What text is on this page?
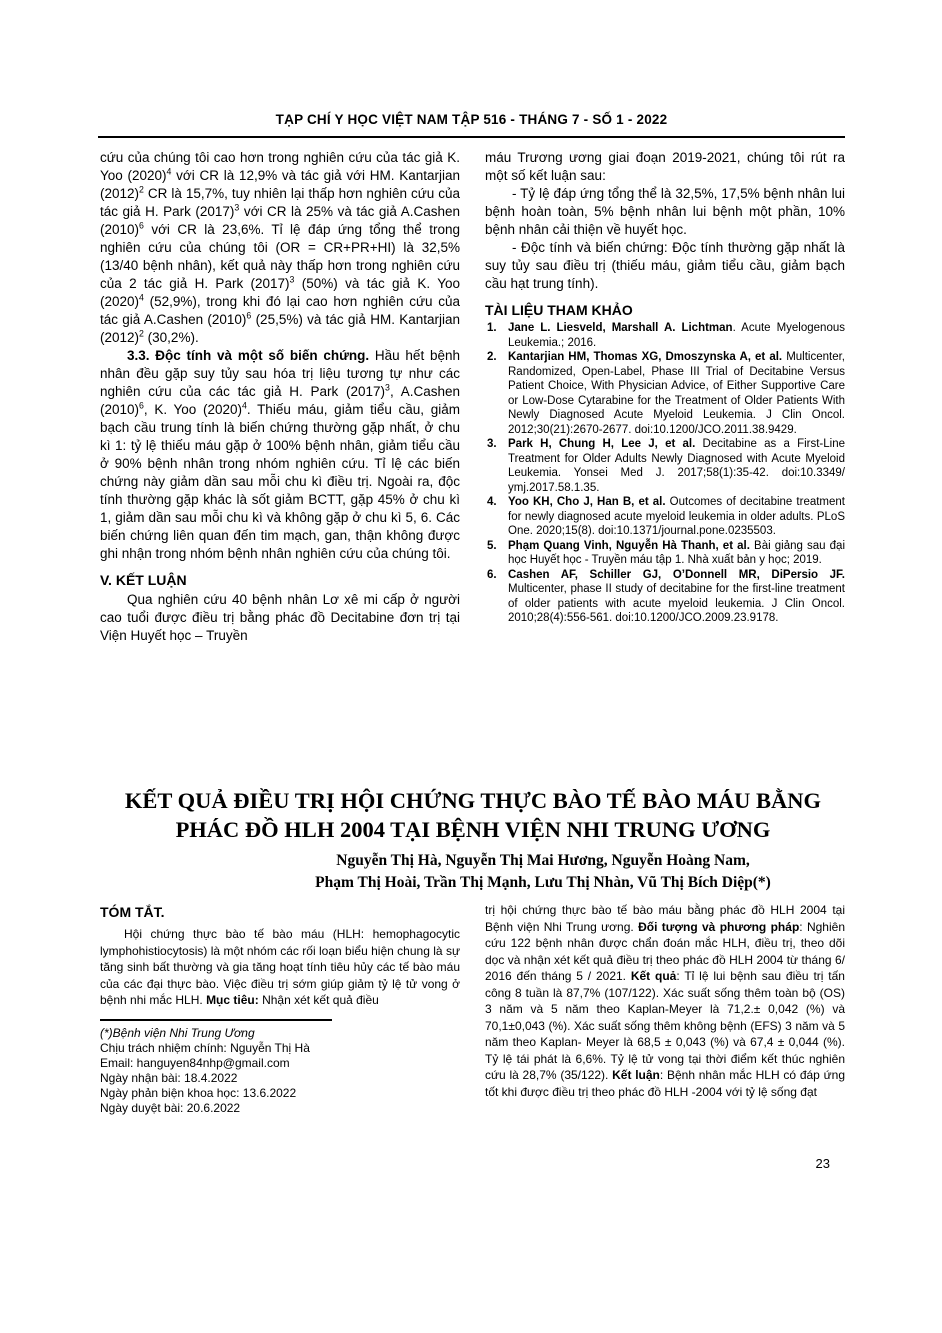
TẠP CHÍ Y HỌC VIỆT NAM TẬP 516 - THÁNG 7 - SỐ 1 - 2022

cứu của chúng tôi cao hơn trong nghiên cứu của tác giả K. Yoo $(2020)^4$ với CR là 12,9% và tác giả với HM. Kantarjian $(2012)^2$ CR là 15,7%, tuy nhiên lại thấp hơn nghiên cứu của tác giả H. Park $(2017)^3$ với CR là 25% và tác giả A.Cashen $(2010)^6$ với CR là 23,6%. Tỉ lệ đáp ứng tổng thể trong nghiên cứu của chúng tôi (OR = CR+PR+HI) là 32,5% (13/40 bệnh nhân), kết quả này thấp hơn trong nghiên cứu của 2 tác giả H. Park $(2017)^3$ (50%) và tác giả K. Yoo $(2020)^4$ (52,9%), trong khi đó lại cao hơn nghiên cứu của tác giả A.Cashen $(2010)^6$ (25,5%) và tác giả HM. Kantarjian $(2012)^2$ (30,2%).

3.3. Độc tính và một số biến chứng. Hầu hết bệnh nhân đều gặp suy tủy sau hóa trị liệu tương tự như các nghiên cứu của các tác giả H. Park $(2017)^3$, A.Cashen $(2010)^6$, K. Yoo $(2020)^4$. Thiếu máu, giảm tiểu cầu, giảm bạch cầu trung tính là biến chứng thường gặp nhất, ở chu kì 1: tỷ lệ thiếu máu gặp ở 100% bệnh nhân, giảm tiểu cầu ở 90% bệnh nhân trong nhóm nghiên cứu. Tỉ lệ các biến chứng này giảm dần sau mỗi chu kì điều trị. Ngoài ra, độc tính thường gặp khác là sốt giảm BCTT, gặp 45% ở chu kì 1, giảm dần sau mỗi chu kì và không gặp ở chu kì 5, 6. Các biến chứng liên quan đến tim mạch, gan, thận không được ghi nhận trong nhóm bệnh nhân nghiên cứu của chúng tôi.

V. KẾT LUẬN

Qua nghiên cứu 40 bệnh nhân Lơ xê mi cấp ở người cao tuổi được điều trị bằng phác đồ Decitabine đơn trị tại Viện Huyết học – Truyền

máu Trương ương giai đoạn 2019-2021, chúng tôi rút ra một số kết luận sau:

- Tỷ lệ đáp ứng tổng thể là 32,5%, 17,5% bệnh nhân lui bệnh hoàn toàn, 5% bệnh nhân lui bệnh một phần, 10% bệnh nhân cải thiện về huyết học.

- Độc tính và biến chứng: Độc tính thường gặp nhất là suy tủy sau điều trị (thiếu máu, giảm tiểu cầu, giảm bạch cầu hạt trung tính).

TÀI LIỆU THAM KHẢO
1. Jane L. Liesveld, Marshall A. Lichtman. Acute Myelogenous Leukemia.; 2016.
2. Kantarjian HM, Thomas XG, Dmoszynska A, et al. Multicenter, Randomized, Open-Label, Phase III Trial of Decitabine Versus Patient Choice, With Physician Advice, of Either Supportive Care or Low-Dose Cytarabine for the Treatment of Older Patients With Newly Diagnosed Acute Myeloid Leukemia. J Clin Oncol. 2012;30(21):2670-2677. doi:10.1200/JCO.2011.38.9429.
3. Park H, Chung H, Lee J, et al. Decitabine as a First-Line Treatment for Older Adults Newly Diagnosed with Acute Myeloid Leukemia. Yonsei Med J. 2017;58(1):35-42. doi:10.3349/ ymj.2017.58.1.35.
4. Yoo KH, Cho J, Han B, et al. Outcomes of decitabine treatment for newly diagnosed acute myeloid leukemia in older adults. PLoS One. 2020;15(8). doi:10.1371/journal.pone.0235503.
5. Phạm Quang Vinh, Nguyễn Hà Thanh, et al. Bài giảng sau đại học Huyết học - Truyền máu tập 1. Nhà xuất bản y học; 2019.
6. Cashen AF, Schiller GJ, O’Donnell MR, DiPersio JF. Multicenter, phase II study of decitabine for the first-line treatment of older patients with acute myeloid leukemia. J Clin Oncol. 2010;28(4):556-561. doi:10.1200/JCO.2009.23.9178.
KẾT QUẢ ĐIỀU TRỊ HỘI CHỨNG THỰC BÀO TẾ BÀO MÁU BẰNG
PHÁC ĐỒ HLH 2004 TẠI BỆNH VIỆN NHI TRUNG ƯƠNG
Nguyễn Thị Hà, Nguyễn Thị Mai Hương, Nguyễn Hoàng Nam,
Phạm Thị Hoài, Trần Thị Mạnh, Lưu Thị Nhàn, Vũ Thị Bích Diệp(*)
TÓM TẮT.

Hội chứng thực bào tế bào máu (HLH: hemophagocytic lymphohistiocytosis) là một nhóm các rối loạn biểu hiện chung là sự tăng sinh bất thường và gia tăng hoạt tính tiêu hủy các tế bào máu của các đại thực bào. Việc điều trị sớm giúp giảm tỷ lệ tử vong ở bệnh nhi mắc HLH. Mục tiêu: Nhận xét kết quả điều

(*)Bệnh viện Nhi Trung Ương
Chịu trách nhiệm chính: Nguyễn Thị Hà
Email: hanguyen84nhp@gmail.com
Ngày nhận bài: 18.4.2022
Ngày phản biện khoa học: 13.6.2022
Ngày duyệt bài: 20.6.2022

trị hội chứng thực bào tế bào máu bằng phác đồ HLH 2004 tại Bệnh viện Nhi Trung ương. Đối tượng và phương pháp: Nghiên cứu 122 bệnh nhân được chẩn đoán mắc HLH, điều trị, theo dõi dọc và nhận xét kết quả điều trị theo phác đồ HLH 2004 từ tháng 6/ 2016 đến tháng 5 / 2021. Kết quả: Tỉ lệ lui bệnh sau điều trị tấn công 8 tuần là 87,7% (107/122). Xác suất sống thêm toàn bộ (OS) 3 năm và 5 năm theo Kaplan-Meyer là 71,2.± 0,042 (%) và 70,1±0,043 (%). Xác suất sống thêm không bệnh (EFS) 3 năm và 5 năm theo Kaplan- Meyer là 68,5 ± 0,043 (%) và 67,4 ± 0,044 (%). Tỷ lệ tái phát là 6,6%. Tỷ lệ tử vong tại thời điểm kết thúc nghiên cứu là 28,7% (35/122). Kết luận: Bệnh nhân mắc HLH có đáp ứng tốt khi được điều trị theo phác đồ HLH -2004 với tỷ lệ sống đạt

23
